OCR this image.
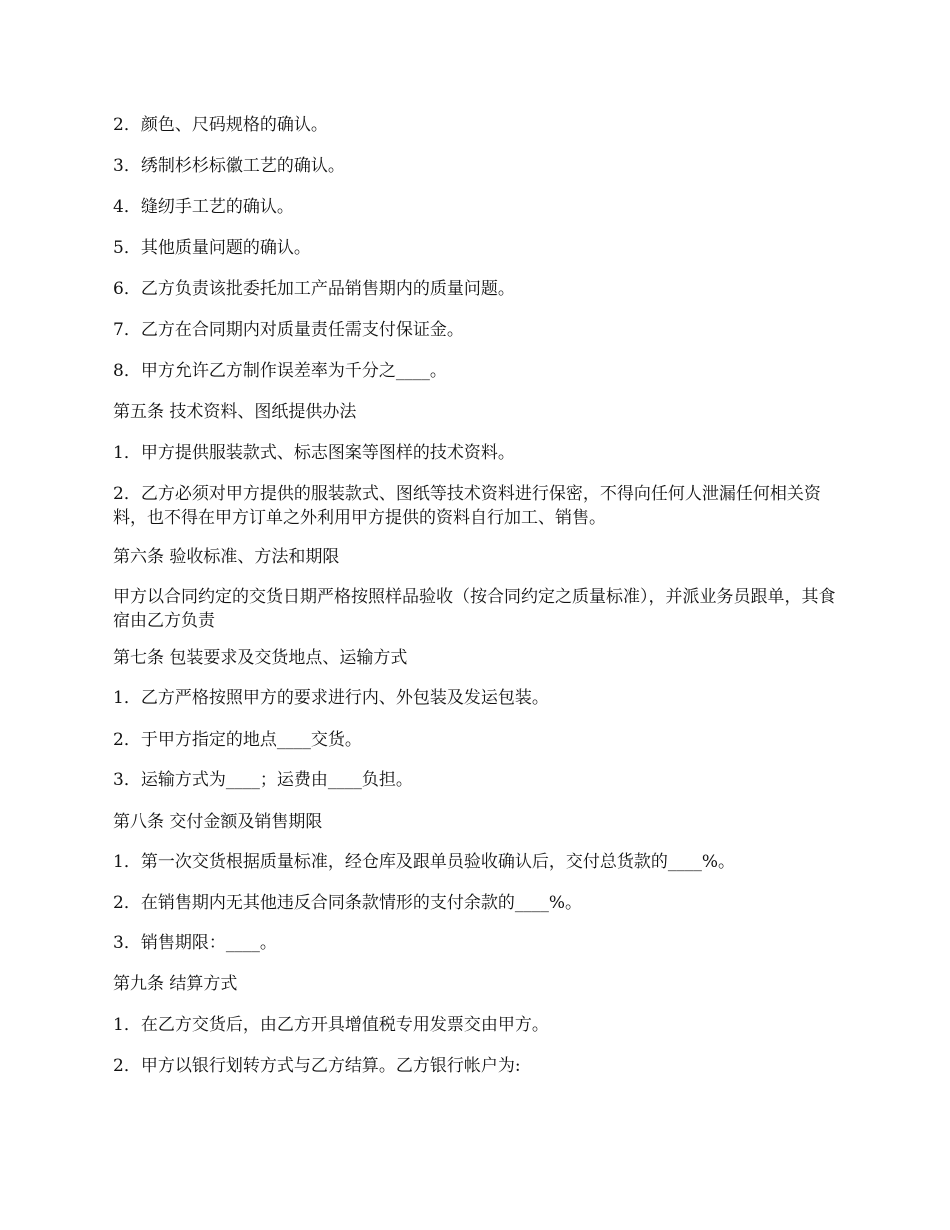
2．颜色、尺码规格的确认。

3．绣制杉杉标徽工艺的确认。

4．缝纫手工艺的确认。

5．其他质量问题的确认。

6．乙方负责该批委托加工产品销售期内的质量问题。

7．乙方在合同期内对质量责任需支付保证金。

8．甲方允许乙方制作误差率为千分之____。

第五条 技术资料、图纸提供办法

1．甲方提供服装款式、标志图案等图样的技术资料。

2．乙方必须对甲方提供的服装款式、图纸等技术资料进行保密，不得向任何人泄漏任何相关资料，也不得在甲方订单之外利用甲方提供的资料自行加工、销售。

第六条 验收标准、方法和期限

甲方以合同约定的交货日期严格按照样品验收（按合同约定之质量标准），并派业务员跟单，其食宿由乙方负责

第七条 包装要求及交货地点、运输方式

1．乙方严格按照甲方的要求进行内、外包装及发运包装。

2．于甲方指定的地点____交货。

3．运输方式为____；运费由____负担。

第八条 交付金额及销售期限

1．第一次交货根据质量标准，经仓库及跟单员验收确认后，交付总货款的____%。

2．在销售期内无其他违反合同条款情形的支付余款的____%。

3．销售期限：____。

第九条 结算方式

1．在乙方交货后，由乙方开具增值税专用发票交由甲方。

2．甲方以银行划转方式与乙方结算。乙方银行帐户为:
